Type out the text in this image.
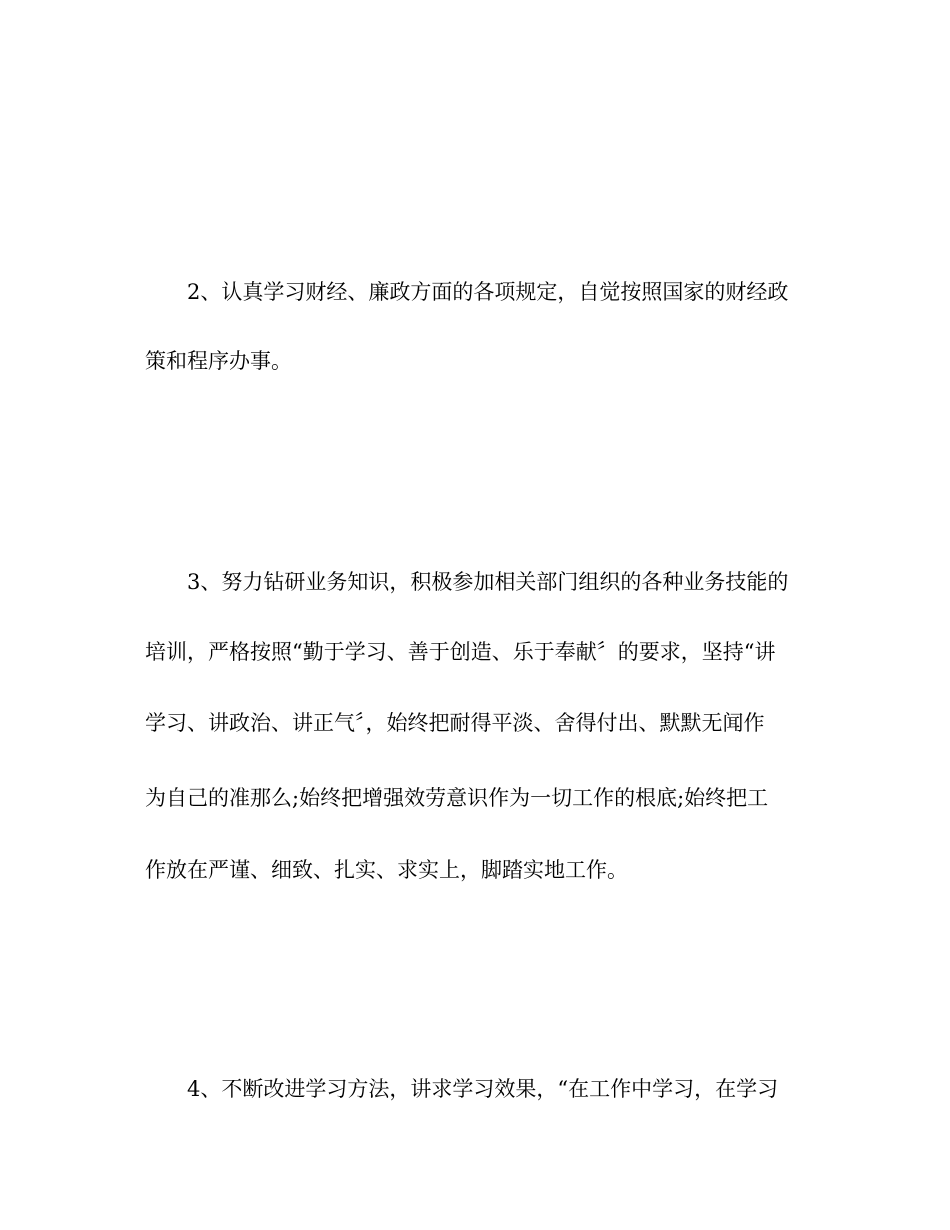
2、认真学习财经、廉政方面的各项规定，自觉按照国家的财经政

策和程序办事。

3、努力钻研业务知识，积极参加相关部门组织的各种业务技能的

培训，严格按照“勤于学习、善于创造、乐于奉献〞的要求，坚持“讲

学习、讲政治、讲正气〞，始终把耐得平淡、舍得付出、默默无闻作

为自己的准那么;始终把增强效劳意识作为一切工作的根底;始终把工

作放在严谨、细致、扎实、求实上，脚踏实地工作。

4、不断改进学习方法，讲求学习效果，“在工作中学习，在学习
